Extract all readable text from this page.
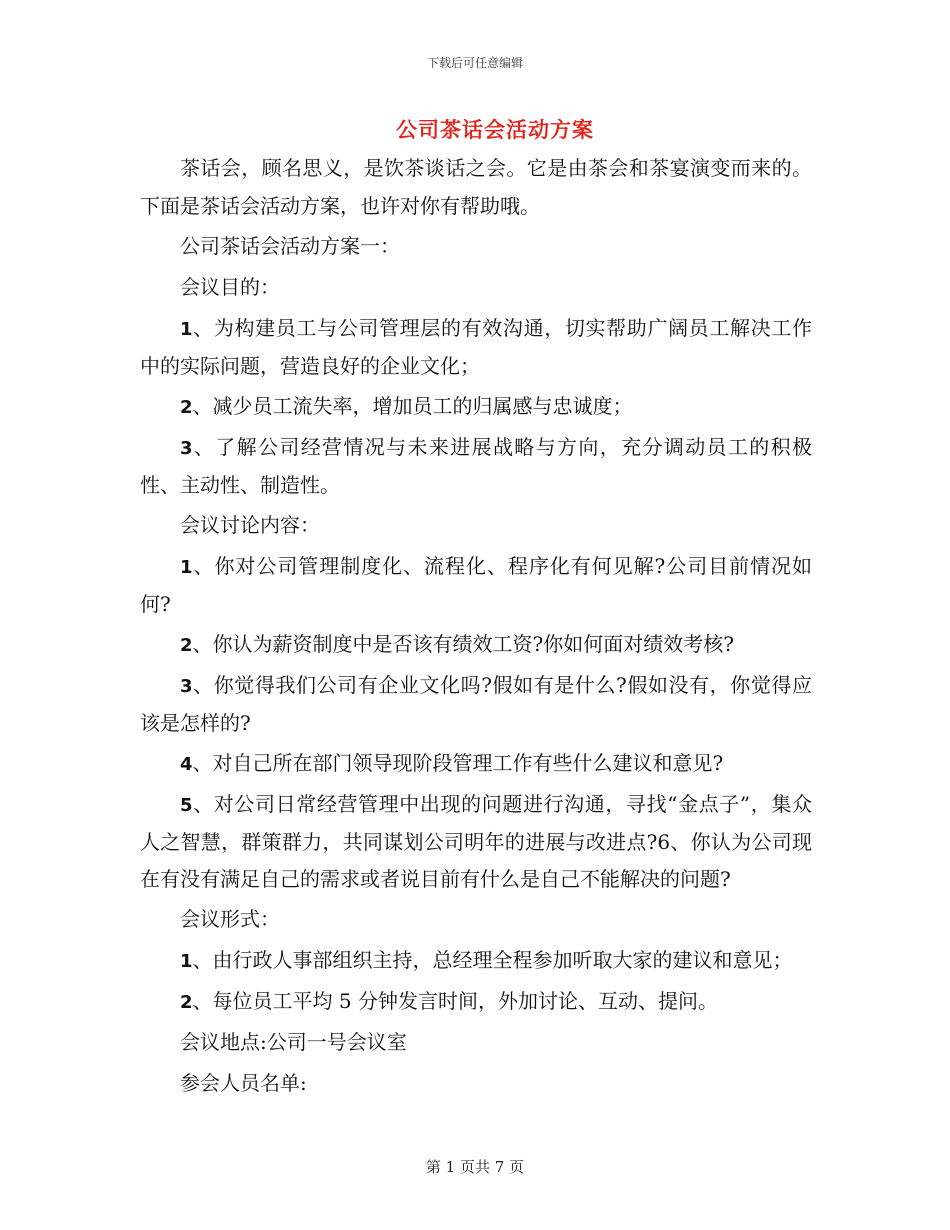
下载后可任意编辑
公司茶话会活动方案

茶话会，顾名思义，是饮茶谈话之会。它是由茶会和茶宴演变而来的。下面是茶话会活动方案，也许对你有帮助哦。

公司茶话会活动方案一：

会议目的：

1、为构建员工与公司管理层的有效沟通，切实帮助广阔员工解决工作中的实际问题，营造良好的企业文化；

2、减少员工流失率，增加员工的归属感与忠诚度；

3、了解公司经营情况与未来进展战略与方向，充分调动员工的积极性、主动性、制造性。

会议讨论内容：

1、你对公司管理制度化、流程化、程序化有何见解?公司目前情况如何?

2、你认为薪资制度中是否该有绩效工资?你如何面对绩效考核?

3、你觉得我们公司有企业文化吗?假如有是什么?假如没有，你觉得应该是怎样的?

4、对自己所在部门领导现阶段管理工作有些什么建议和意见?

5、对公司日常经营管理中出现的问题进行沟通，寻找“金点子”，集众人之智慧，群策群力，共同谋划公司明年的进展与改进点?6、你认为公司现在有没有满足自己的需求或者说目前有什么是自己不能解决的问题?

会议形式：

1、由行政人事部组织主持，总经理全程参加听取大家的建议和意见；

2、每位员工平均 5 分钟发言时间，外加讨论、互动、提问。

会议地点:公司一号会议室

参会人员名单:

第 1 页共 7 页
